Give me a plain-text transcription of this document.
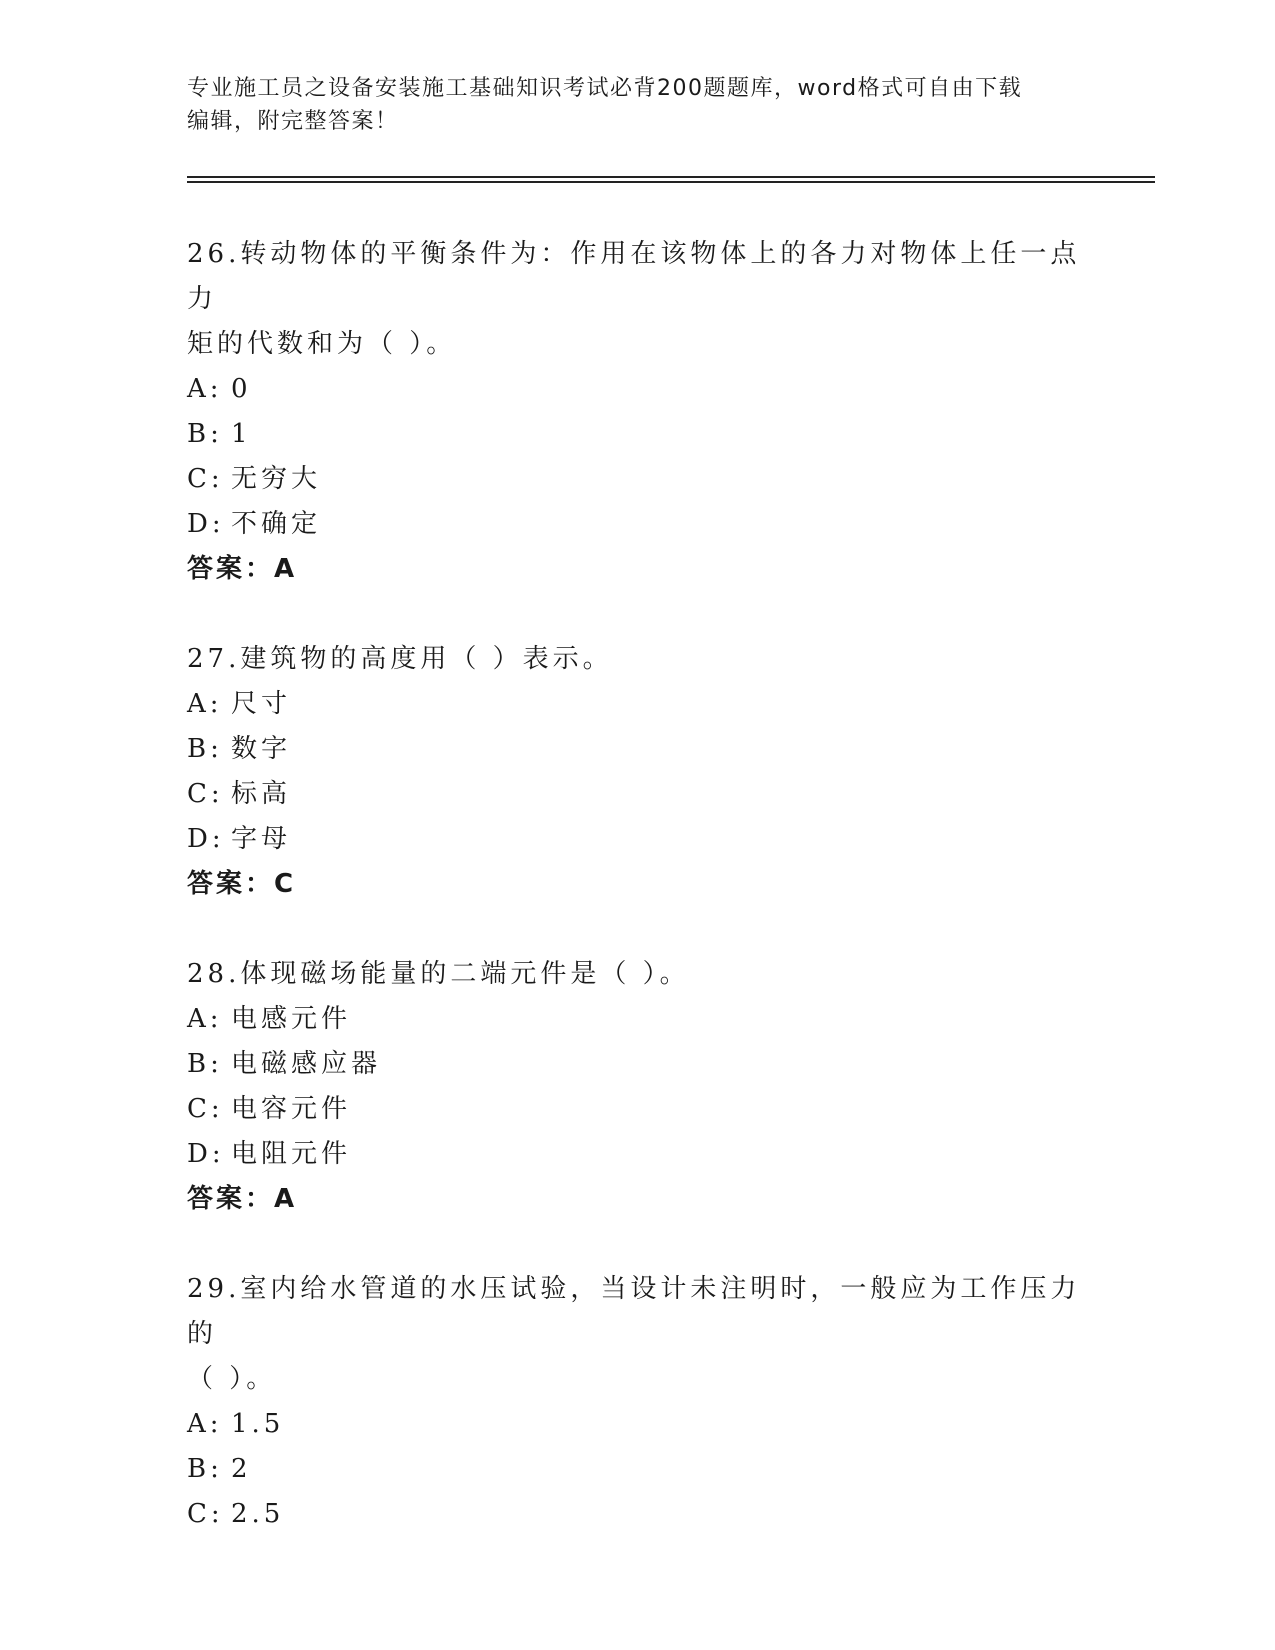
专业施工员之设备安装施工基础知识考试必背200题题库，word格式可自由下载
编辑，附完整答案！
26.转动物体的平衡条件为：作用在该物体上的各力对物体上任一点力
矩的代数和为（ ）。
A: 0
B: 1
C: 无穷大
D: 不确定
答案：A
27.建筑物的高度用（ ）表示。
A: 尺寸
B: 数字
C: 标高
D: 字母
答案：C
28.体现磁场能量的二端元件是（ ）。
A: 电感元件
B: 电磁感应器
C: 电容元件
D: 电阻元件
答案：A
29.室内给水管道的水压试验，当设计未注明时，一般应为工作压力的
（ ）。
A: 1.5
B: 2
C: 2.5
